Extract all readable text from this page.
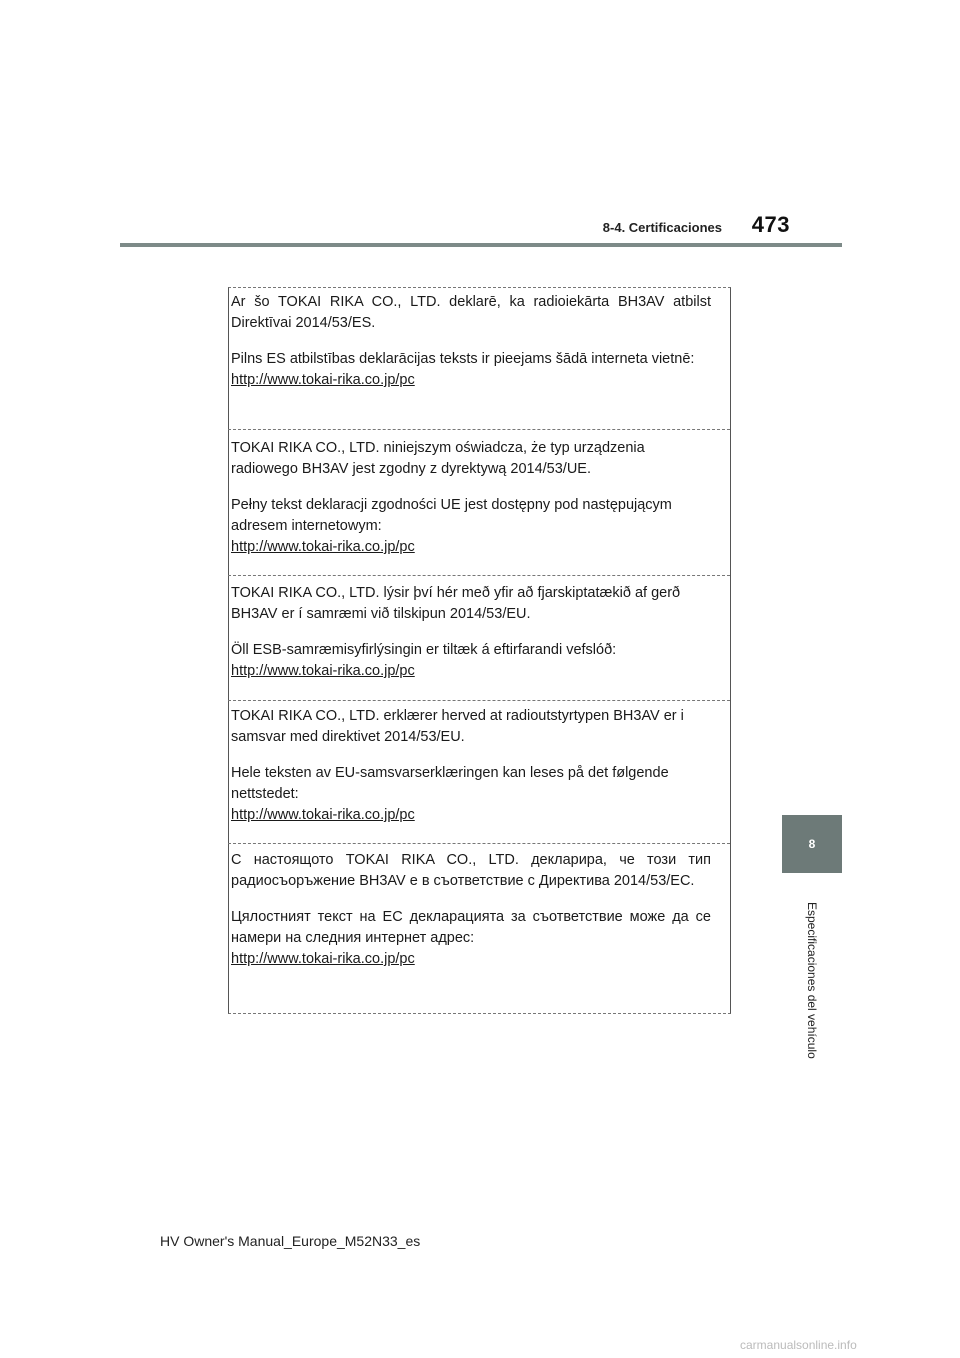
8-4. Certificaciones	473
8
Especificaciones del vehículo

Ar šo TOKAI RIKA CO., LTD. deklarē, ka radioiekārta BH3AV atbilst Direktīvai 2014/53/ES.

Pilns ES atbilstības deklarācijas teksts ir pieejams šādā interneta vietnē:

http://www.tokai-rika.co.jp/pc

TOKAI RIKA CO., LTD. niniejszym oświadcza, że typ urządzenia radiowego BH3AV jest zgodny z dyrektywą 2014/53/UE.

Pełny tekst deklaracji zgodności UE jest dostępny pod następującym adresem internetowym:

http://www.tokai-rika.co.jp/pc

TOKAI RIKA CO., LTD. lýsir því hér með yfir að fjarskiptatækið af gerð BH3AV er í samræmi við tilskipun 2014/53/EU.

Öll ESB-samræmisyfirlýsingin er tiltæk á eftirfarandi vefslóð:

http://www.tokai-rika.co.jp/pc

TOKAI RIKA CO., LTD. erklærer herved at radioutstyrtypen BH3AV er i samsvar med direktivet 2014/53/EU.

Hele teksten av EU-samsvarserklæringen kan leses på det følgende nettstedet:

http://www.tokai-rika.co.jp/pc

С настоящото TOKAI RIKA CO., LTD. декларира, че този тип радиосъоръжение BH3AV е в съответствие с Директива 2014/53/ЕС.

Цялостният текст на ЕС декларацията за съответствие може да се намери на следния интернет адрес:

http://www.tokai-rika.co.jp/pc

HV Owner's Manual_Europe_M52N33_es
carmanualsonline.info
